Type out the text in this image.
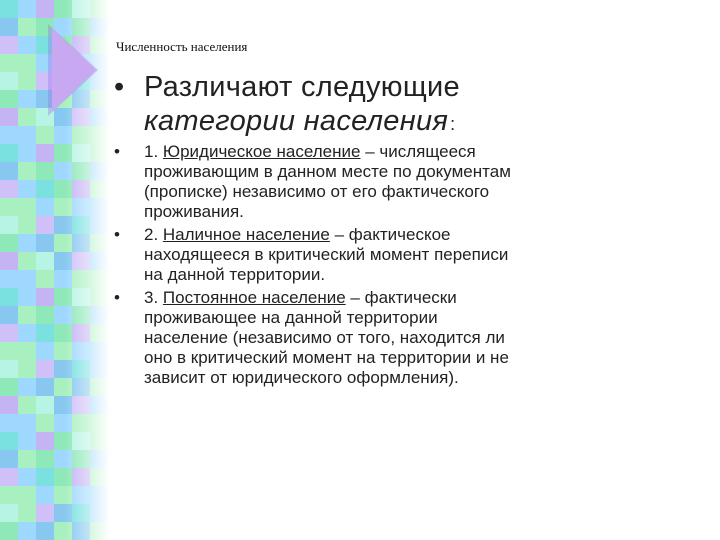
Численность населения
• Различают следующие
категории населения :
• 1. Юридическое население – числящееся
проживающим в данном месте по документам
(прописке) независимо от его фактического
проживания.
• 2. Наличное население – фактическое
находящееся в критический момент переписи
на данной территории.
• 3. Постоянное население – фактически
проживающее на данной территории
население (независимо от того, находится ли
оно в критический момент на территории и не
зависит от юридического оформления).
